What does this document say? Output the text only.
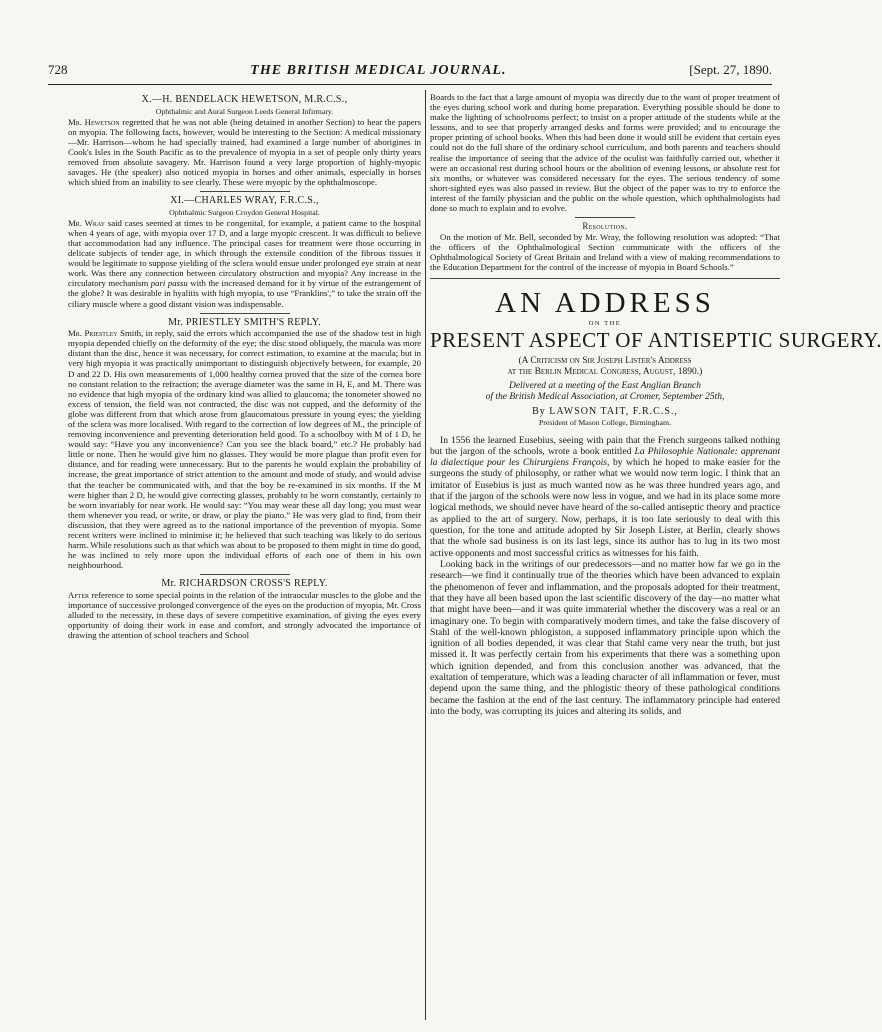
728	THE BRITISH MEDICAL JOURNAL.	[Sept. 27, 1890.

X.—H. BENDELACK HEWETSON, M.R.C.S.,

Ophthalmic and Aural Surgeon Leeds General Infirmary.

Mr. Hewetson regretted that he was not able (being detained in another Section) to hear the papers on myopia. The following facts, however, would be interesting to the Section: A medical missionary—Mr. Harrison—whom he had specially trained, had examined a large number of aborigines in Cook's Isles in the South Pacific as to the prevalence of myopia in a set of people only thirty years removed from absolute savagery. Mr. Harrison found a very large proportion of highly-myopic savages. He (the speaker) also noticed myopia in horses and other animals, especially in horses which shied from an inability to see clearly. These were myopic by the ophthalmoscope.

XI.—CHARLES WRAY, F.R.C.S.,

Ophthalmic Surgeon Croydon General Hospital.

Mr. Wray said cases seemed at times to be congenital, for example, a patient came to the hospital when 4 years of age, with myopia over 17 D, and a large myopic crescent. It was difficult to believe that accommodation had any influence. The principal cases for treatment were those occurring in delicate subjects of tender age, in which through the extensile condition of the fibrous tissues it would be legitimate to suppose yielding of the sclera would ensue under prolonged eye strain at near work. Was there any connection between circulatory obstruction and myopia? Any increase in the circulatory mechanism pari passu with the increased demand for it by virtue of the estrangement of the globe? It was desirable in hyalitis with high myopia, to use “Franklins',” to take the strain off the ciliary muscle where a good distant vision was indispensable.

Mr. PRIESTLEY SMITH'S REPLY.

Mr. Priestley Smith, in reply, said the errors which accompanied the use of the shadow test in high myopia depended chiefly on the deformity of the eye; the disc stood obliquely, the macula was more distant than the disc, hence it was necessary, for correct estimation, to examine at the macula; but in very high myopia it was practically unimportant to distinguish objectively between, for example, 20 D and 22 D. His own measurements of 1,000 healthy cornea proved that the size of the cornea bore no constant relation to the refraction; the average diameter was the same in H, E, and M. There was no evidence that high myopia of the ordinary kind was allied to glaucoma; the tonometer showed no excess of tension, the field was not contracted, the disc was not cupped, and the deformity of the globe was different from that which arose from glaucomatous pressure in young eyes; the yielding of the sclera was more localised. With regard to the correction of low degrees of M., the principle of removing inconvenience and preventing deterioration held good. To a schoolboy with M of 1 D, he would say: “Have you any inconvenience? Can you see the black board,” etc.? He probably had little or none. Then he would give him no glasses. They would be more plague than profit even for distance, and for reading were unnecessary. But to the parents he would explain the probability of increase, the great importance of strict attention to the amount and mode of study, and would advise that the teacher be communicated with, and that the boy be re-examined in six months. If the M were higher than 2 D, he would give correcting glasses, probably to be worn constantly, certainly to be worn invariably for near work. He would say: “You may wear these all day long; you must wear them whenever you read, or write, or draw, or play the piano.” He was very glad to find, from their discussion, that they were agreed as to the national importance of the prevention of myopia. Some recent writers were inclined to minimise it; he believed that such teaching was likely to do serious harm. While resolutions such as that which was about to be proposed to them might in time do good, he was inclined to rely more upon the individual efforts of each one of them in his own neighbourhood.

Mr. RICHARDSON CROSS'S REPLY.

After reference to some special points in the relation of the intraocular muscles to the globe and the importance of successive prolonged convergence of the eyes on the production of myopia, Mr. Cross alluded to the necessity, in these days of severe competitive examination, of giving the eyes every opportunity of doing their work in ease and comfort, and strongly advocated the importance of drawing the attention of school teachers and School

Boards to the fact that a large amount of myopia was directly due to the want of proper treatment of the eyes during school work and during home preparation. Everything possible should be done to make the lighting of schoolrooms perfect; to insist on a proper attitude of the students while at the lessons, and to see that properly arranged desks and forms were provided; and to encourage the proper printing of school books. When this had been done it would still be evident that certain eyes could not do the full share of the ordinary school curriculum, and both parents and teachers should realise the importance of seeing that the advice of the oculist was faithfully carried out, whether it were an occasional rest during school hours or the abolition of evening lessons, or absolute rest for six months, or whatever was considered necessary for the eyes. The serious tendency of some short-sighted eyes was also passed in review. But the object of the paper was to try to enforce the interest of the family physician and the public on the whole question, which ophthalmologists had done so much to explain and to evolve.

Resolution.

On the motion of Mr. Bell, seconded by Mr. Wray, the following resolution was adopted: “That the officers of the Ophthalmological Section communicate with the officers of the Ophthalmological Society of Great Britain and Ireland with a view of making recommendations to the Education Department for the control of the increase of myopia in Board Schools.”

AN ADDRESS

ON THE

PRESENT ASPECT OF ANTISEPTIC SURGERY.

(A Criticism on Sir Joseph Lister's Address

at the Berlin Medical Congress, August, 1890.)

Delivered at a meeting of the East Anglian Branch

of the British Medical Association, at Cromer, September 25th,

By LAWSON TAIT, F.R.C.S.,

President of Mason College, Birmingham.

In 1556 the learned Eusebius, seeing with pain that the French surgeons talked nothing but the jargon of the schools, wrote a book entitled La Philosophie Nationale: apprenant la dialectique pour les Chirurgiens François, by which he hoped to make easier for the surgeons the study of philosophy, or rather what we would now term logic. I think that an imitator of Eusebius is just as much wanted now as he was three hundred years ago, and that if the jargon of the schools were now less in vogue, and we had in its place some more logical methods, we should never have heard of the so-called antiseptic theory and practice as applied to the art of surgery. Now, perhaps, it is too late seriously to deal with this question, for the tone and attitude adopted by Sir Joseph Lister, at Berlin, clearly shows that the whole sad business is on its last legs, since its author has to lug in its two most active opponents and most successful critics as witnesses for his faith.

Looking back in the writings of our predecessors—and no matter how far we go in the research—we find it continually true of the theories which have been advanced to explain the phenomenon of fever and inflammation, and the proposals adopted for their treatment, that they have all been based upon the last scientific discovery of the day—no matter what that might have been—and it was quite immaterial whether the discovery was a real or an imaginary one. To begin with comparatively modern times, and take the false discovery of Stahl of the well-known phlogiston, a supposed inflammatory principle upon which the ignition of all bodies depended, it was clear that Stahl came very near the truth, but just missed it. It was perfectly certain from his experiments that there was a something upon which ignition depended, and from this conclusion another was advanced, that the exaltation of temperature, which was a leading character of all inflammation or fever, must depend upon the same thing, and the phlogistic theory of these pathological conditions became the fashion at the end of the last century. The inflammatory principle had entered into the body, was corrupting its juices and altering its solids, and
